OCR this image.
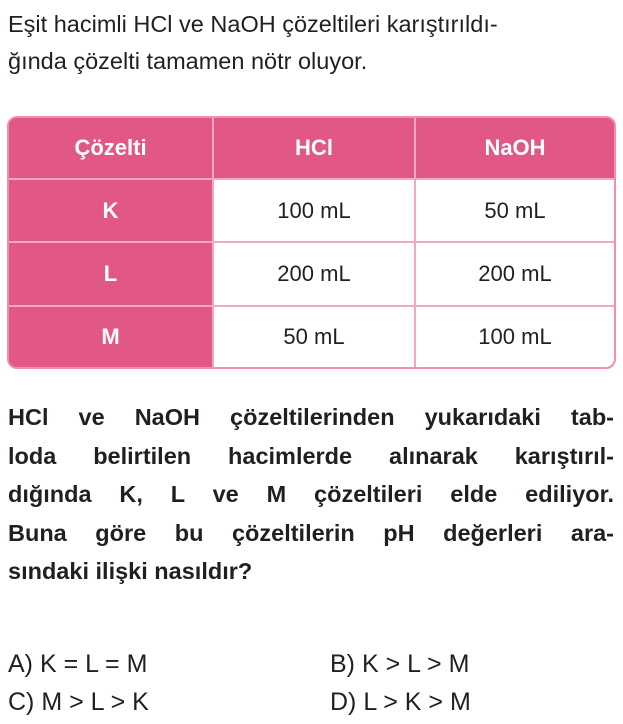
Eşit hacimli HCl ve NaOH çözeltileri karıştırıldı-
ğında çözelti tamamen nötr oluyor.
Çözelti	HCl	NaOH
K	100 mL	50 mL
L	200 mL	200 mL
M	50 mL	100 mL
HCl ve NaOH çözeltilerinden yukarıdaki tab-
loda belirtilen hacimlerde alınarak karıştırıl-
dığında K, L ve M çözeltileri elde ediliyor.
Buna göre bu çözeltilerin pH değerleri ara-
sındaki ilişki nasıldır?
A) K = L = M	B) K > L > M
C) M > L > K	D) L > K > M
